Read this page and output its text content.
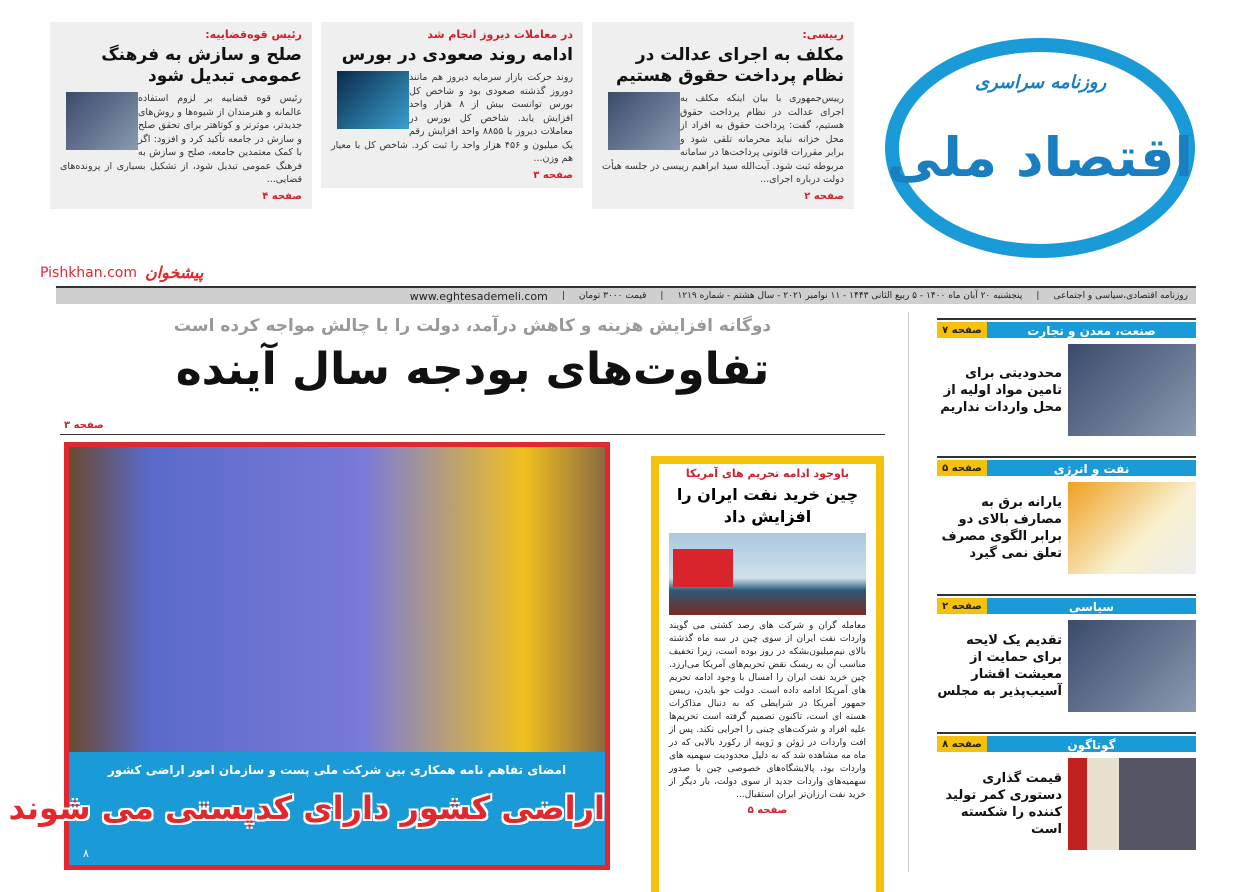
روزنامه سراسری
اقتصاد ملی
رییسی:
مکلف به اجرای عدالت در نظام پرداخت حقوق هستیم
رییس‌جمهوری با بیان اینکه مکلف به اجرای عدالت در نظام پرداخت حقوق هستیم، گفت: پرداخت حقوق به افراد از محل خزانه نباید محرمانه تلقی شود و برابر مقررات قانونی پرداخت‌ها در سامانه مربوطه ثبت شود. آیت‌الله سید ابراهیم رییسی در جلسه هیأت دولت درباره اجرای...
صفحه ۲
در معاملات دیروز انجام شد
ادامه روند صعودی در بورس
روند حرکت بازار سرمایه دیروز هم مانند دوروز گذشته صعودی بود و شاخص کل بورس توانست بیش از ۸ هزار واحد افزایش یابد. شاخص کل بورس در معاملات دیروز با ۸۸۵۵ واحد افزایش رقم یک میلیون و ۴۵۶ هزار واحد را ثبت کرد. شاخص کل با معیار هم وزن...
صفحه ۳
رئیس قوه‌قضاییه:
صلح و سازش به فرهنگ عمومی تبدیل شود
رئیس قوه قضاییه بر لزوم استفاده عالمانه و هنرمندان از شیوه‌ها و روش‌های جدیدتر، موثرتر و کوتاهتر برای تحقق صلح و سازش در جامعه تأکید کرد و افزود: اگر با کمک معتمدین جامعه، صلح و سازش به فرهنگ عمومی تبدیل شود، از تشکیل بسیاری از پرونده‌های قضایی...
صفحه ۴
Pishkhan.com پیشخوان
روزنامه اقتصادی،سیاسی و اجتماعی
|
پنجشنبه ۲۰ آبان ماه ۱۴۰۰ - ۵ ربیع الثانی ۱۴۴۳ - ۱۱ نوامبر ۲۰۲۱ - سال هشتم - شماره ۱۲۱۹
|
قیمت ۳۰۰۰ تومان
|
www.eghtesademeli.com
دوگانه افزایش هزینه و کاهش درآمد، دولت را با چالش مواجه کرده است
تفاوت‌های بودجه سال آینده
صفحه ۳
امضای تفاهم نامه همکاری بین شرکت ملی پست و سازمان امور اراضی کشور
اراضی کشور دارای کدپستی می شوند
۸
باوجود ادامه تحریم های آمریکا
چین خرید نفت ایران را افزایش داد
معامله گران و شرکت های رصد کشتی می گویند واردات نفت ایران از سوی چین در سه ماه گذشته بالای نیم‌میلیون‌بشکه در روز بوده است، زیرا تخفیف مناسب آن به ریسک نقض تحریم‌های آمریکا می‌ارزد. چین خرید نفت ایران را امسال با وجود ادامه تحریم های آمریکا ادامه داده است. دولت جو بایدن، رییس جمهور آمریکا در شرایطی که به دنبال مذاکرات هسته ای است، تاکنون تصمیم گرفته است تحریم‌ها علیه افراد و شرکت‌های چینی را اجرایی نکند. پس از افت واردات در ژوئن و ژوییه از رکورد بالایی که در ماه مه مشاهده شد که به دلیل محدودیت سهمیه های واردات بود، پالایشگاه‌های خصوصی چین با صدور سهمیه‌های واردات جدید از سوی دولت، بار دیگر از خرید نفت ارزان‌تر ایران استقبال...
صفحه ۵
صنعت، معدن و تجارت
صفحه ۷
محدودیتی برای تامین مواد اولیه از محل واردات نداریم
نفت و انرژی
صفحه ۵
یارانه برق به مصارف بالای دو برابر الگوی مصرف تعلق نمی گیرد
سیاسی
صفحه ۲
تقدیم یک لایحه برای حمایت از معیشت اقشار آسیب‌پذیر به مجلس
گوناگون
صفحه ۸
قیمت گذاری دستوری کمر تولید کننده را شکسته است
